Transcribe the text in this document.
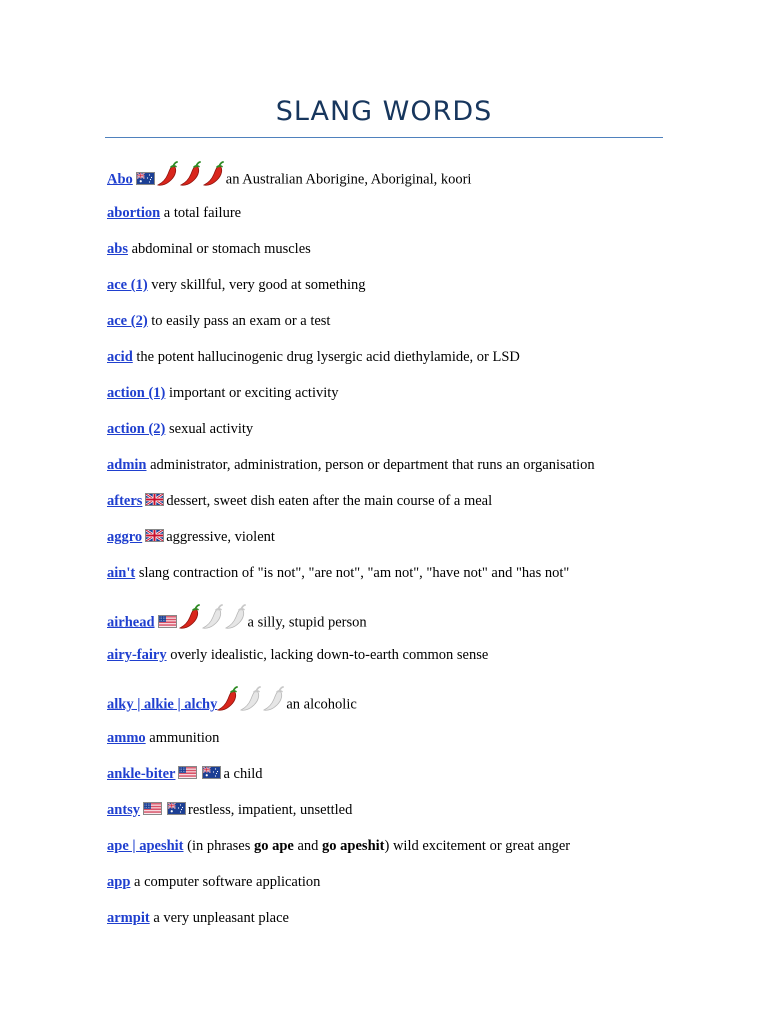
SLANG WORDS
Abo	an Australian Aborigine, Aboriginal, koori
abortion a total failure
abs abdominal or stomach muscles
ace (1) very skillful, very good at something
ace (2) to easily pass an exam or a test
acid the potent hallucinogenic drug lysergic acid diethylamide, or LSD
action (1) important or exciting activity
action (2) sexual activity
admin administrator, administration, person or department that runs an organisation
afters dessert, sweet dish eaten after the main course of a meal
aggro aggressive, violent
ain't slang contraction of "is not", "are not", "am not", "have not" and "has not"
airhead	a silly, stupid person
airy-fairy overly idealistic, lacking down-to-earth common sense
alky | alkie | alchy	an alcoholic
ammo ammunition
ankle-biter	a child
antsy	restless, impatient, unsettled
ape | apeshit (in phrases go ape and go apeshit) wild excitement or great anger
app a computer software application
armpit a very unpleasant place
